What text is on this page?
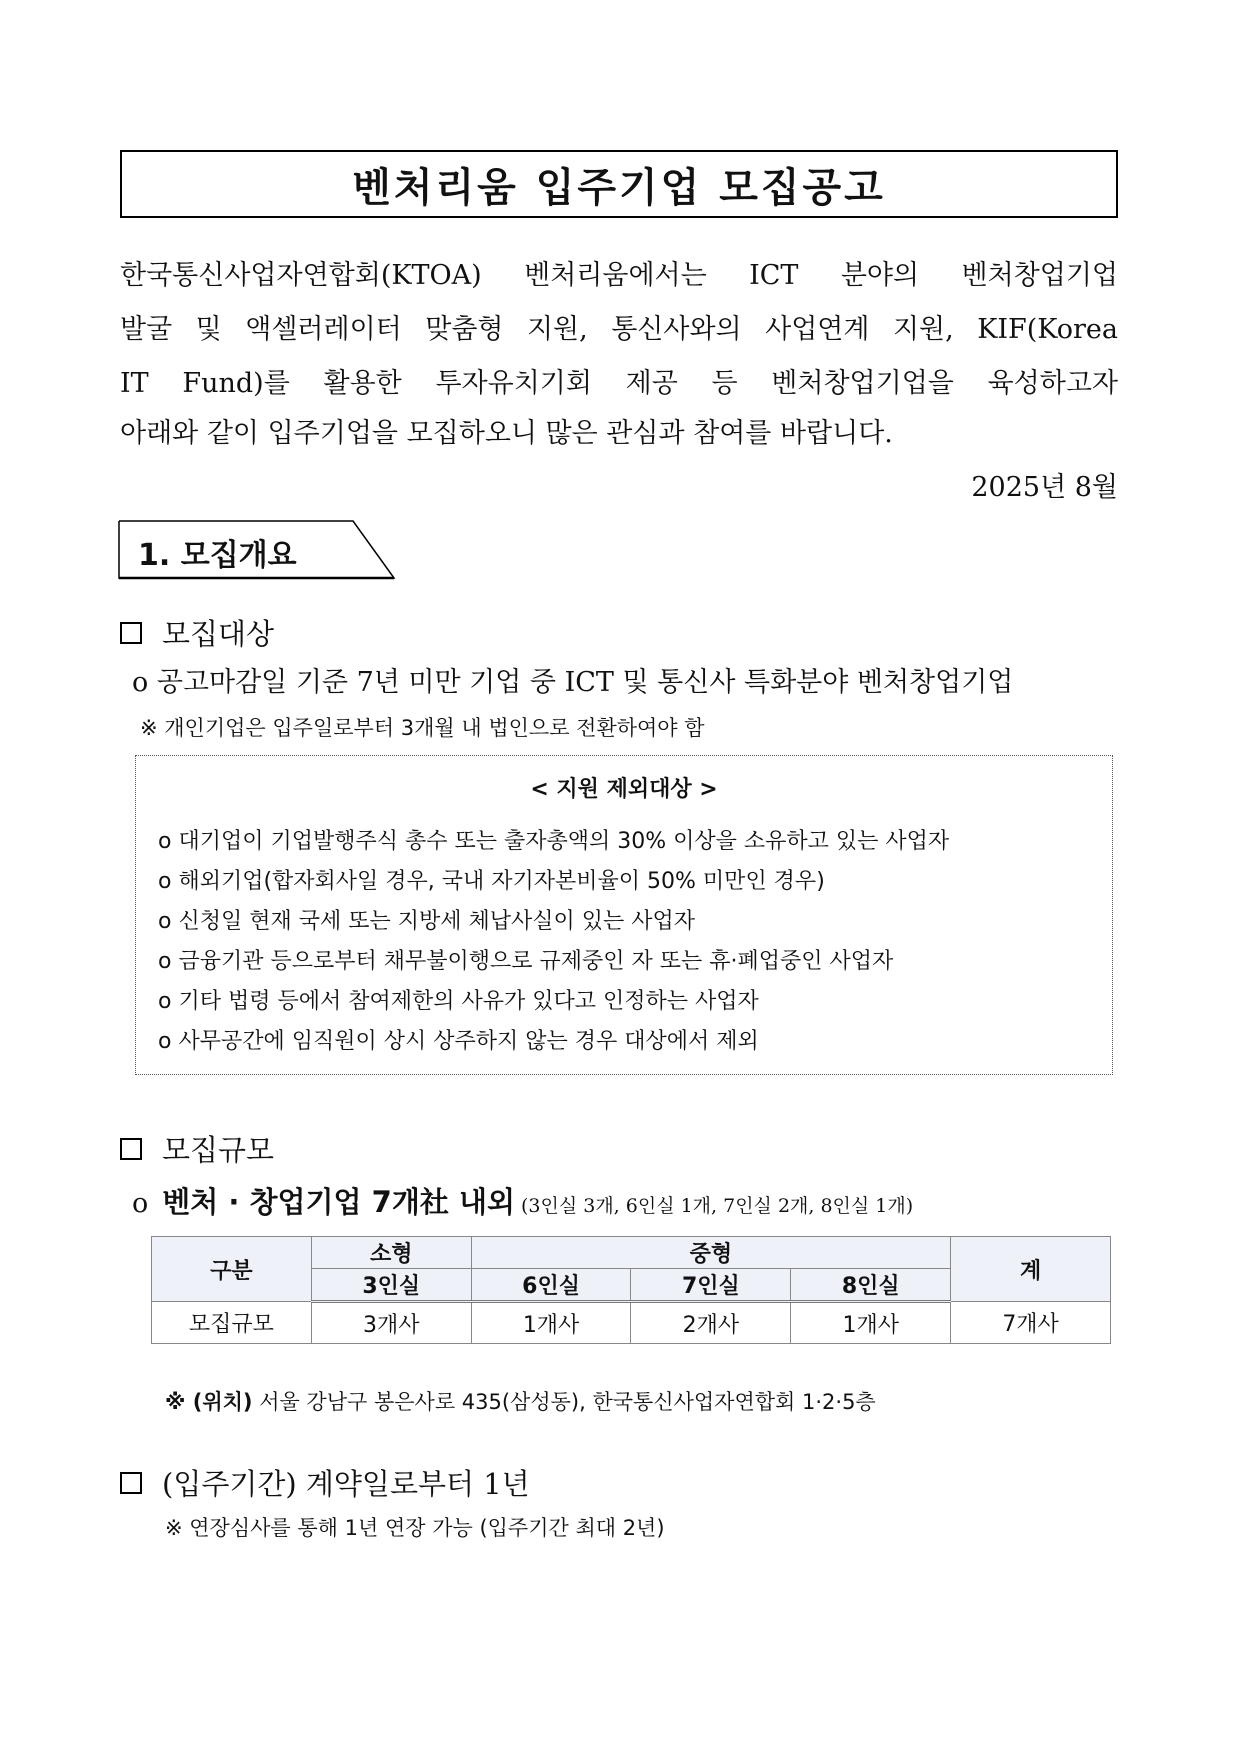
벤처리움 입주기업 모집공고
한국통신사업자연합회(KTOA) 벤처리움에서는 ICT 분야의 벤처창업기업
발굴 및 액셀러레이터 맞춤형 지원, 통신사와의 사업연계 지원, KIF(Korea
IT Fund)를 활용한 투자유치기회 제공 등 벤처창업기업을 육성하고자
아래와 같이 입주기업을 모집하오니 많은 관심과 참여를 바랍니다.
2025년 8월
1. 모집개요
모집대상
o 공고마감일 기준 7년 미만 기업 중 ICT 및 통신사 특화분야 벤처창업기업
※ 개인기업은 입주일로부터 3개월 내 법인으로 전환하여야 함
< 지원 제외대상 >
o 대기업이 기업발행주식 총수 또는 출자총액의 30% 이상을 소유하고 있는 사업자
o 해외기업(합자회사일 경우, 국내 자기자본비율이 50% 미만인 경우)
o 신청일 현재 국세 또는 지방세 체납사실이 있는 사업자
o 금융기관 등으로부터 채무불이행으로 규제중인 자 또는 휴·폐업중인 사업자
o 기타 법령 등에서 참여제한의 사유가 있다고 인정하는 사업자
o 사무공간에 임직원이 상시 상주하지 않는 경우 대상에서 제외
모집규모
o 벤처 · 창업기업 7개社 내외 (3인실 3개, 6인실 1개, 7인실 2개, 8인실 1개)
구분	소형	중형			계
	3인실	6인실	7인실	8인실	
모집규모	3개사	1개사	2개사	1개사	7개사
※ (위치) 서울 강남구 봉은사로 435(삼성동), 한국통신사업자연합회 1·2·5층
(입주기간) 계약일로부터 1년
※ 연장심사를 통해 1년 연장 가능 (입주기간 최대 2년)
